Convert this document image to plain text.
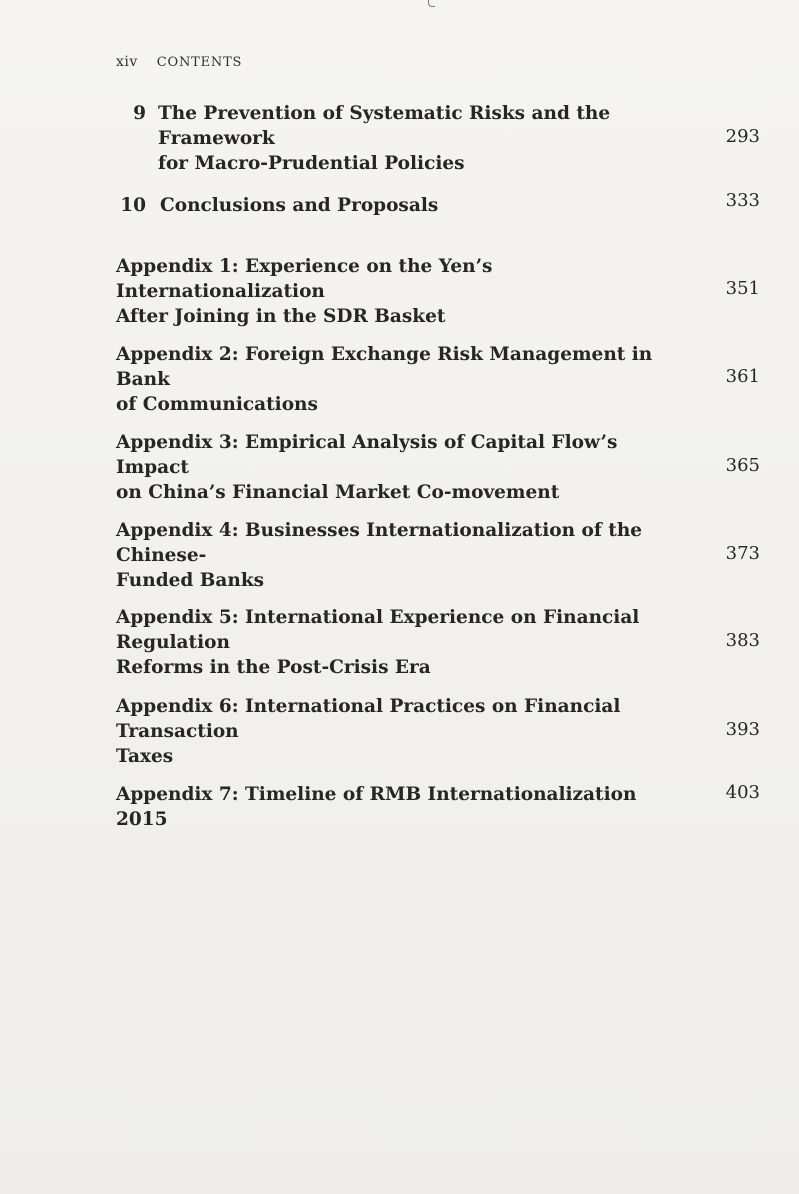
xiv CONTENTS
9 The Prevention of Systematic Risks and the Framework
for Macro-Prudential Policies
293
10 Conclusions and Proposals	333
Appendix 1: Experience on the Yen’s Internationalization
After Joining in the SDR Basket
351
Appendix 2: Foreign Exchange Risk Management in Bank
of Communications
361
Appendix 3: Empirical Analysis of Capital Flow’s Impact
on China’s Financial Market Co-movement
365
Appendix 4: Businesses Internationalization of the Chinese-
Funded Banks
373
Appendix 5: International Experience on Financial Regulation
Reforms in the Post-Crisis Era
383
Appendix 6: International Practices on Financial Transaction
Taxes
393
Appendix 7: Timeline of RMB Internationalization 2015
403
